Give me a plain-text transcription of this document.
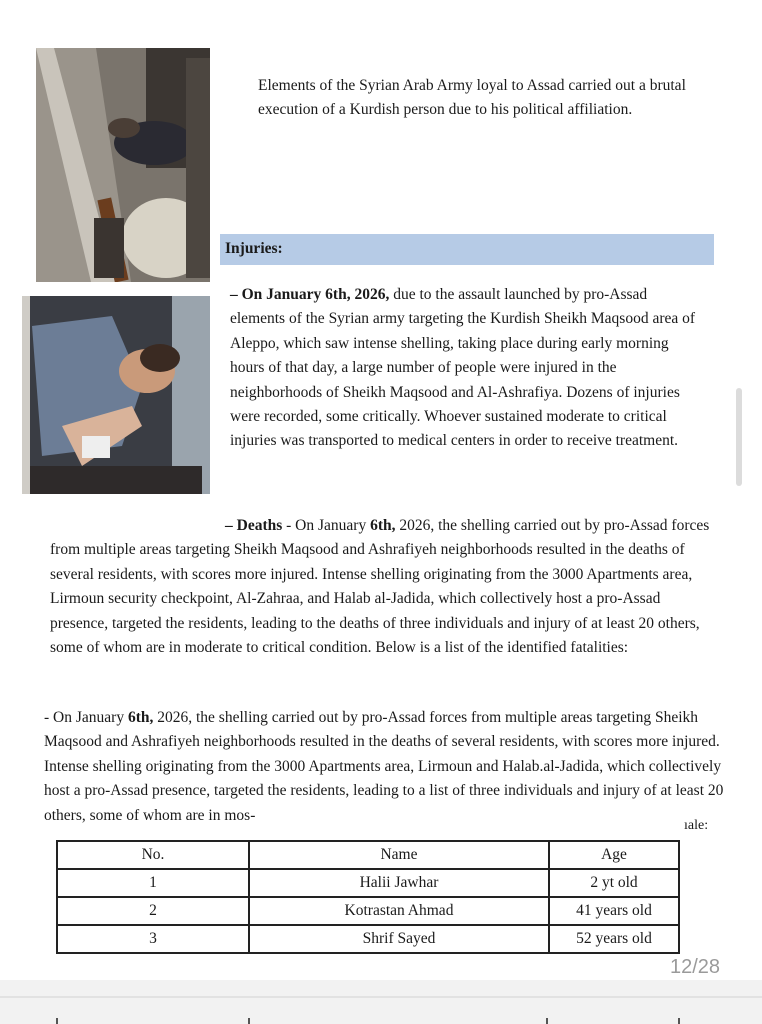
Elements of the Syrian Arab Army loyal to Assad carried out a brutal execution of a Kurdish person due to his political affiliation.
Injuries:
– On January 6th, 2026, due to the assault launched by pro-Assad elements of the Syrian army targeting the Kurdish Sheikh Maqsood area of Aleppo, which saw intense shelling, taking place during early morning hours of that day, a large number of people were injured in the neighborhoods of Sheikh Maqsood and Al-Ashrafiya. Dozens of injuries were recorded, some critically. Whoever sustained moderate to critical injuries was transported to medical centers in order to receive treatment.
– Deaths - On January 6th, 2026, the shelling carried out by pro-Assad forces from multiple areas targeting Sheikh Maqsood and Ashrafiyeh neighborhoods resulted in the deaths of several residents, with scores more injured. Intense shelling originating from the 3000 Apartments area, Lirmoun security checkpoint, Al-Zahraa, and Halab al-Jadida, which collectively host a pro-Assad presence, targeted the residents, leading to the deaths of three individuals and injury of at least 20 others, some of whom are in moderate to critical condition. Below is a list of the identified fatalities:
- On January 6th, 2026, the shelling carried out by pro-Assad forces from multiple areas targeting Sheikh Maqsood and Ashrafiyeh neighborhoods resulted in the deaths of several residents, with scores more injured. Intense shelling originating from the 3000 Apartments area, Lirmoun and Halab.al-Jadida, which collectively host a pro-Assad presence, targeted the residents, leading to a list of three individuals and injury of at least 20 others, some of whom are in mos-
ıale:
No.	Name	Age
1	Halii Jawhar	2 yt old
2	Kotrastan Ahmad	41 years old
3	Shrif Sayed	52 years old
12/28
